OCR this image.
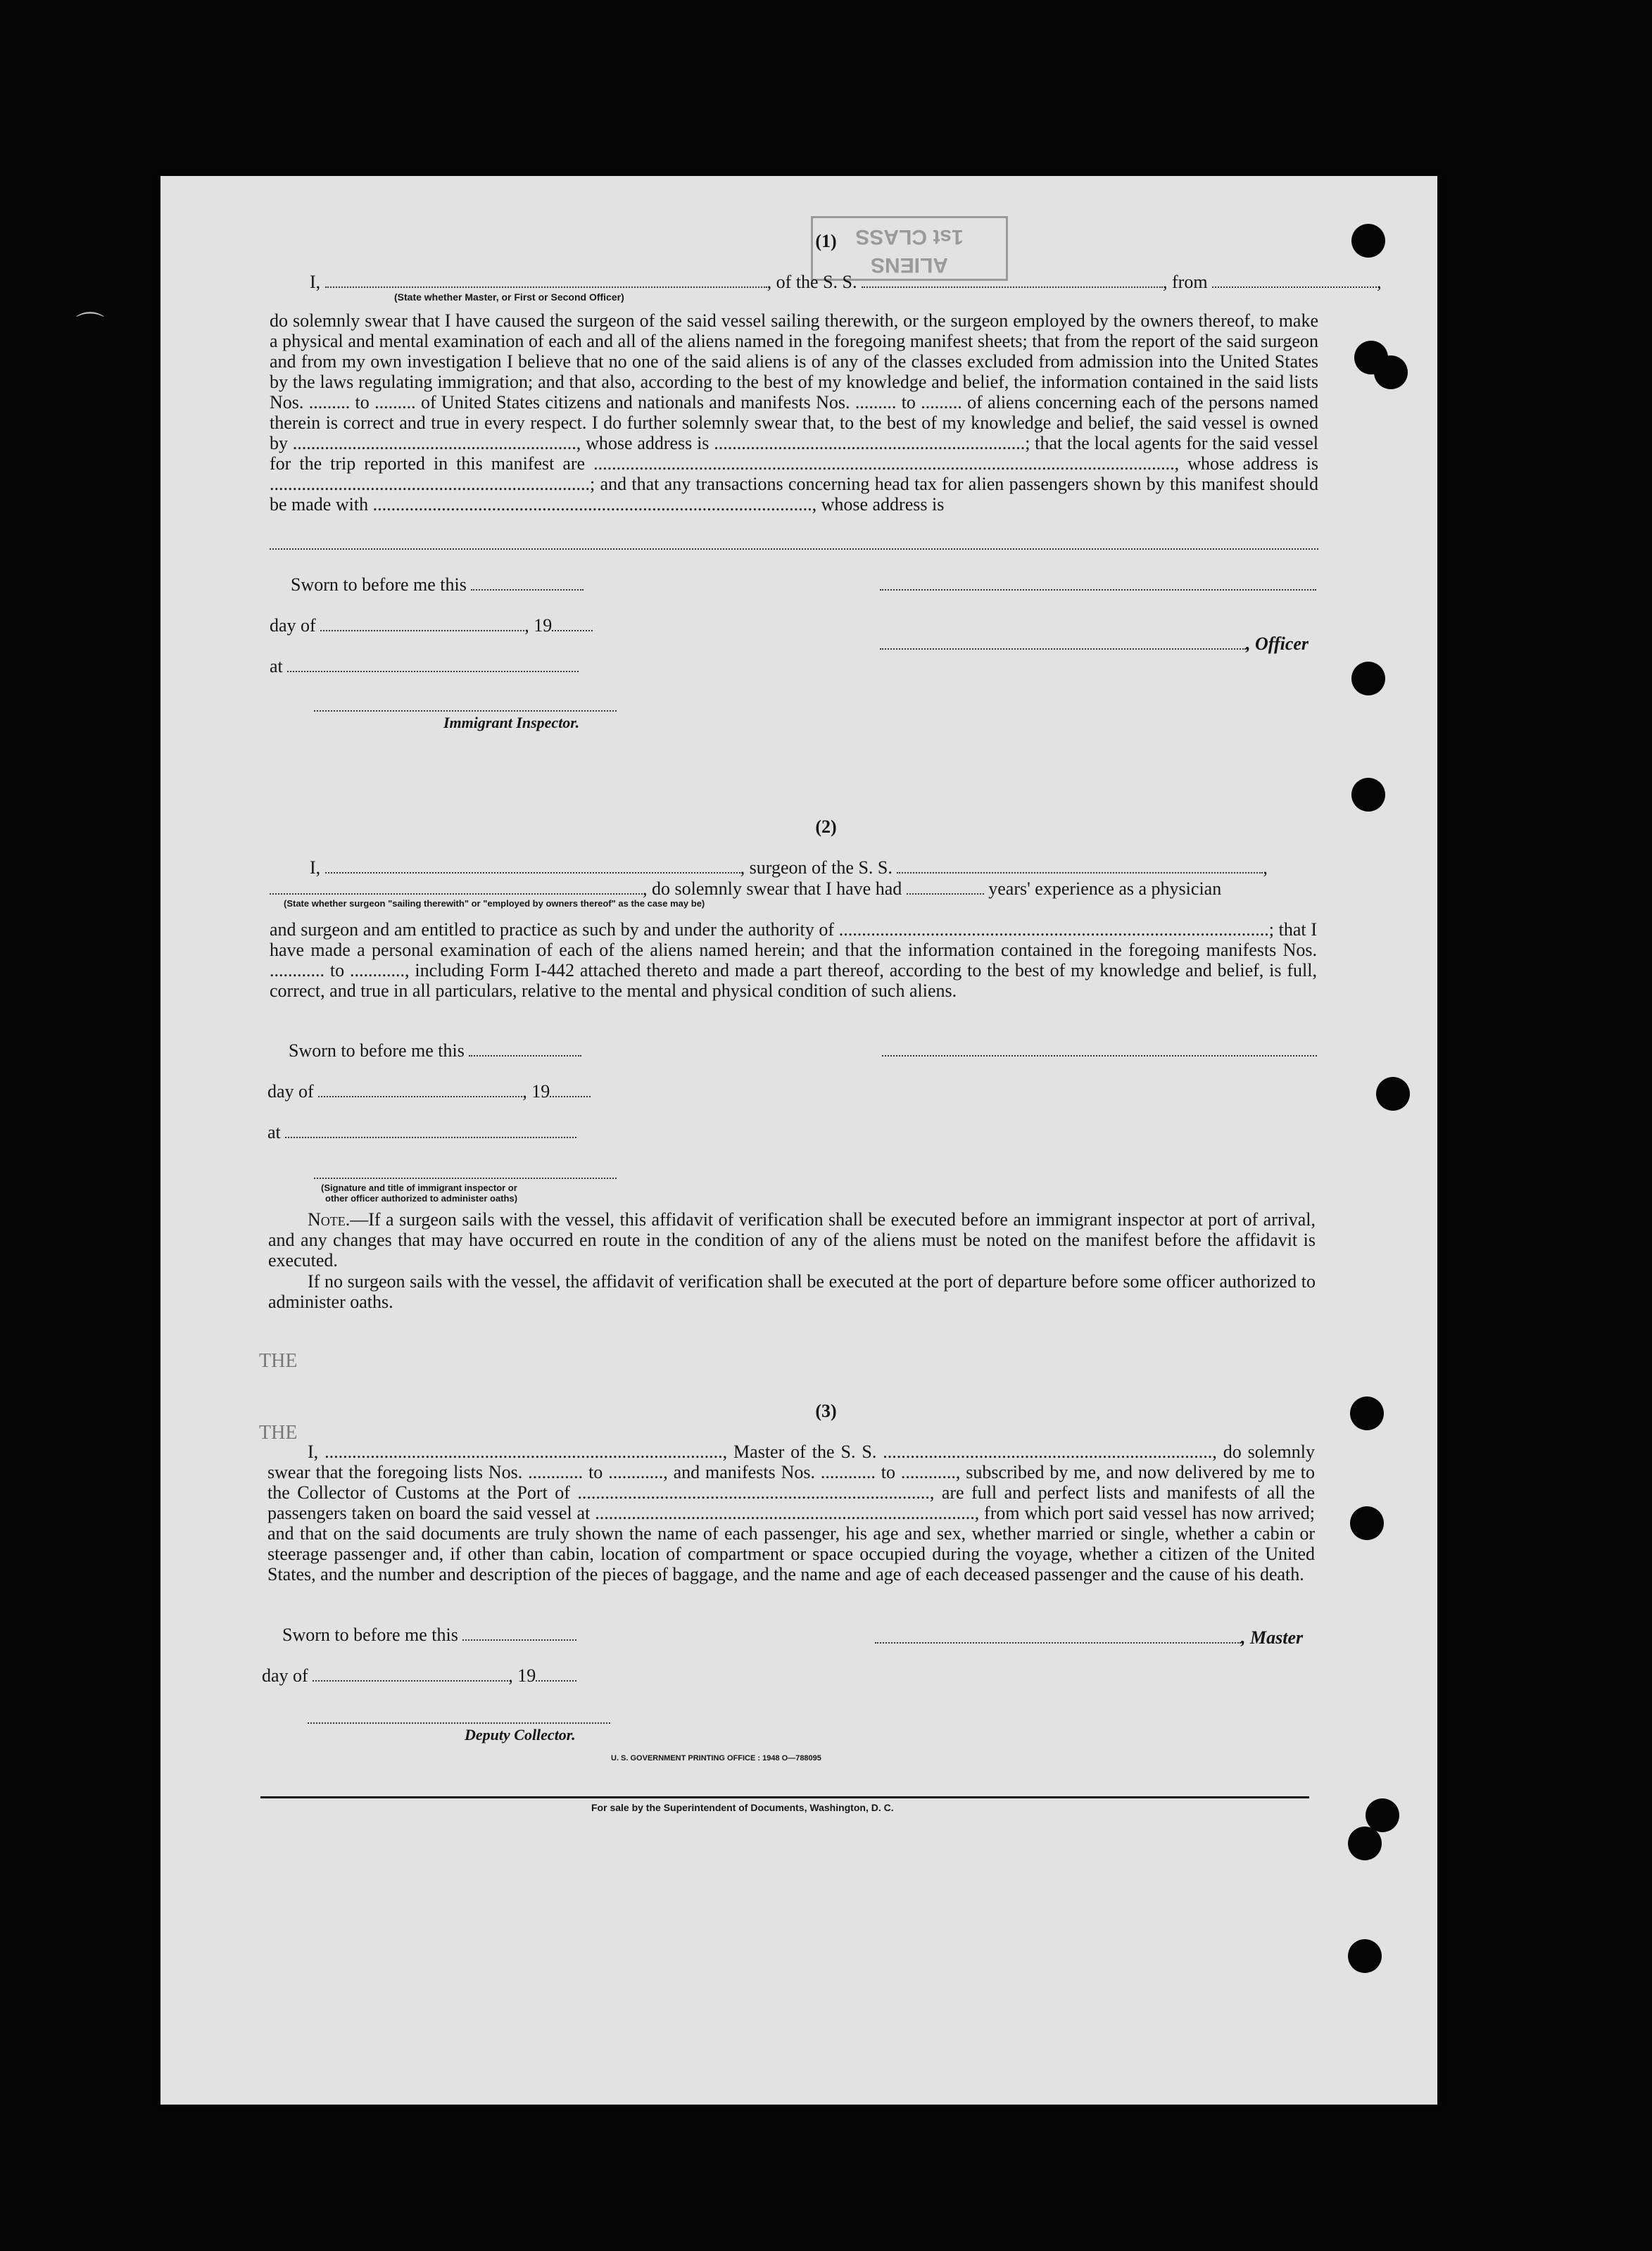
ALIENS
1st CLASS
⌒
(1)
I,	, of the S. S.	, from	,
(State whether Master, or First or Second Officer)
do solemnly swear that I have caused the surgeon of the said vessel sailing therewith, or the surgeon employed by the owners thereof, to make a physical and mental examination of each and all of the aliens named in the foregoing manifest sheets; that from the report of the said surgeon and from my own investigation I believe that no one of the said aliens is of any of the classes excluded from admission into the United States by the laws regulating immigration; and that also, according to the best of my knowledge and belief, the information contained in the said lists Nos. ......... to ......... of United States citizens and nationals and manifests Nos. ......... to ......... of aliens concerning each of the persons named therein is correct and true in every respect. I do further solemnly swear that, to the best of my knowledge and belief, the said vessel is owned by .............................................................., whose address is ....................................................................; that the local agents for the said vessel for the trip reported in this manifest are ..............................................................................................................................., whose address is ......................................................................; and that any transactions concerning head tax for alien passengers shown by this manifest should be made with ................................................................................................, whose address is
Sworn to before me this
day of	, 19
, Officer
at
Immigrant Inspector.
(2)
I,	, surgeon of the S. S.	,
, do solemnly swear that I have had	years' experience as a physician
(State whether surgeon "sailing therewith" or "employed by owners thereof" as the case may be)
and surgeon and am entitled to practice as such by and under the authority of ..............................................................................................; that I have made a personal examination of each of the aliens named herein; and that the information contained in the foregoing manifests Nos. ............ to ............, including Form I-442 attached thereto and made a part thereof, according to the best of my knowledge and belief, is full, correct, and true in all particulars, relative to the mental and physical condition of such aliens.
Sworn to before me this
day of	, 19
at
(Signature and title of immigrant inspector or
other officer authorized to administer oaths)
Note.—If a surgeon sails with the vessel, this affidavit of verification shall be executed before an immigrant inspector at port of arrival, and any changes that may have occurred en route in the condition of any of the aliens must be noted on the manifest before the affidavit is executed.
If no surgeon sails with the vessel, the affidavit of verification shall be executed at the port of departure before some officer authorized to administer oaths.
THE
THE
(3)
I, ......................................................................................., Master of the S. S. ........................................................................, do solemnly swear that the foregoing lists Nos. ............ to ............, and manifests Nos. ............ to ............, subscribed by me, and now delivered by me to the Collector of Customs at the Port of ............................................................................., are full and perfect lists and manifests of all the passengers taken on board the said vessel at ..................................................................................., from which port said vessel has now arrived; and that on the said documents are truly shown the name of each passenger, his age and sex, whether married or single, whether a cabin or steerage passenger and, if other than cabin, location of compartment or space occupied during the voyage, whether a citizen of the United States, and the number and description of the pieces of baggage, and the name and age of each deceased passenger and the cause of his death.
Sworn to before me this	, Master
day of	, 19
Deputy Collector.
U. S. GOVERNMENT PRINTING OFFICE : 1948 O—788095
For sale by the Superintendent of Documents, Washington, D. C.
